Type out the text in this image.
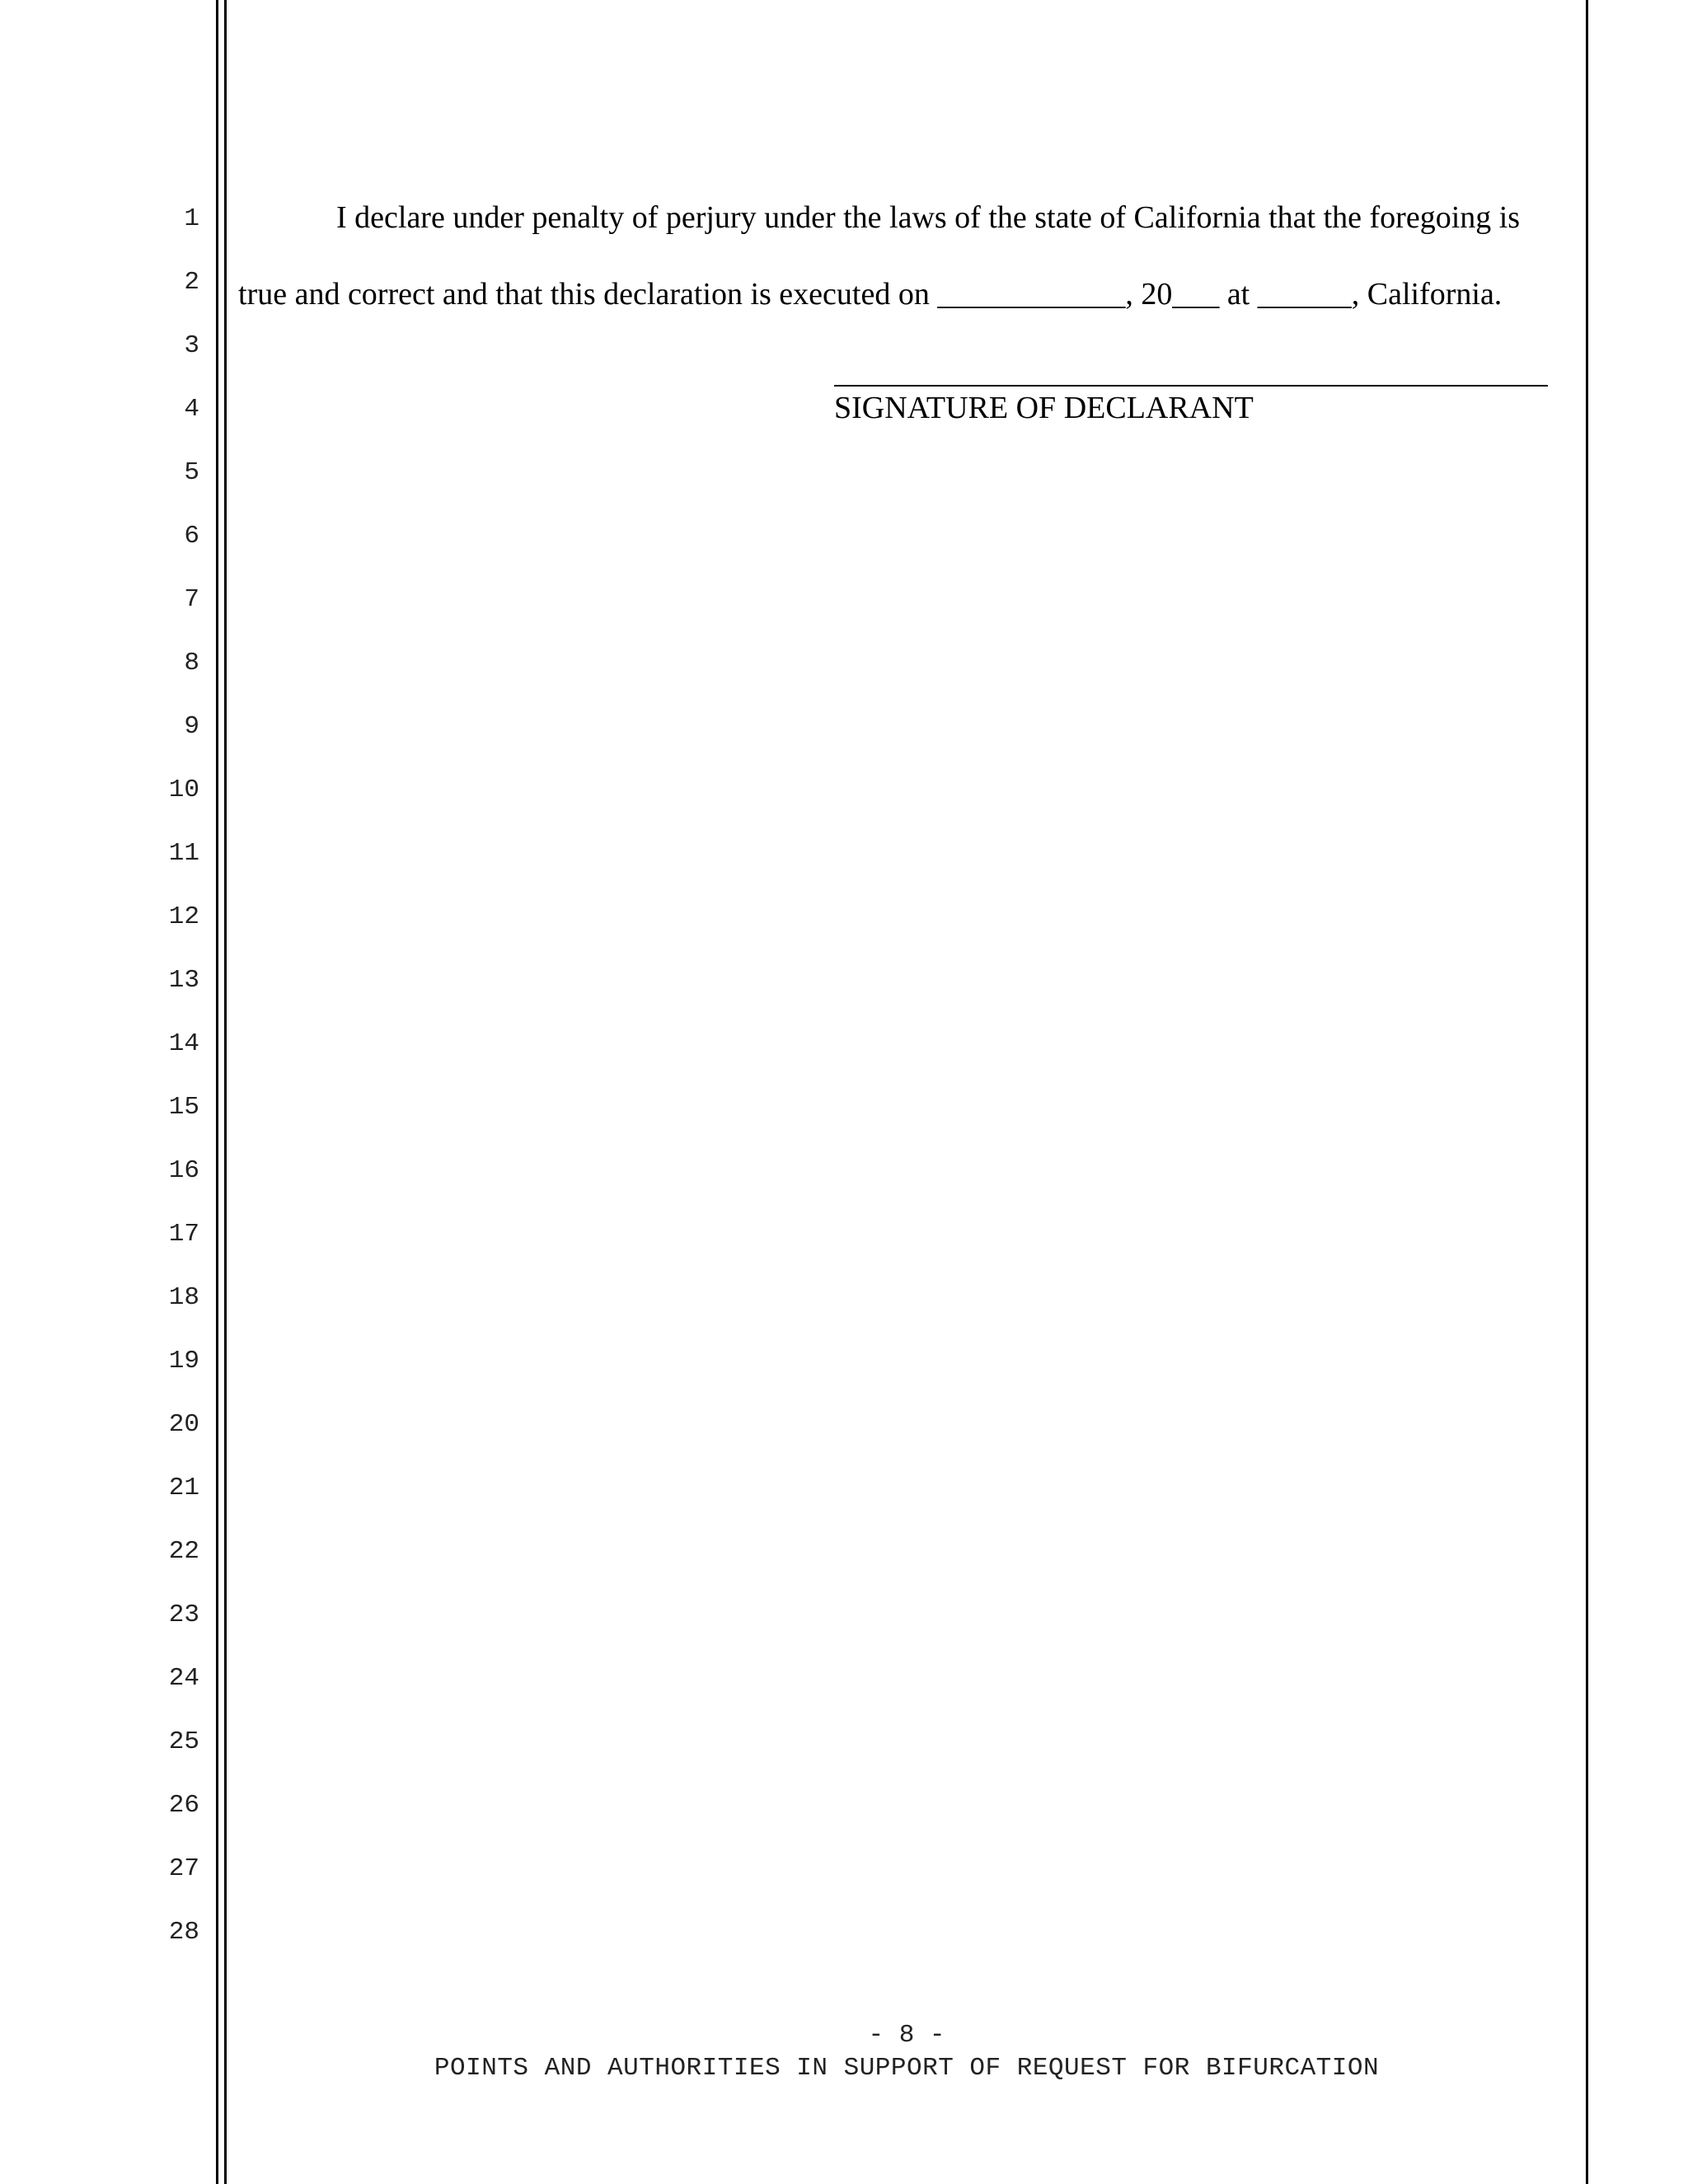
1
2
3
4
5
6
7
8
9
10
11
12
13
14
15
16
17
18
19
20
21
22
23
24
25
26
27
28
I declare under penalty of perjury under the laws of the state of California that the foregoing is
true and correct and that this declaration is executed on ____________, 20___ at ______, California.
SIGNATURE OF DECLARANT
- 8 -
POINTS AND AUTHORITIES IN SUPPORT OF REQUEST FOR BIFURCATION
